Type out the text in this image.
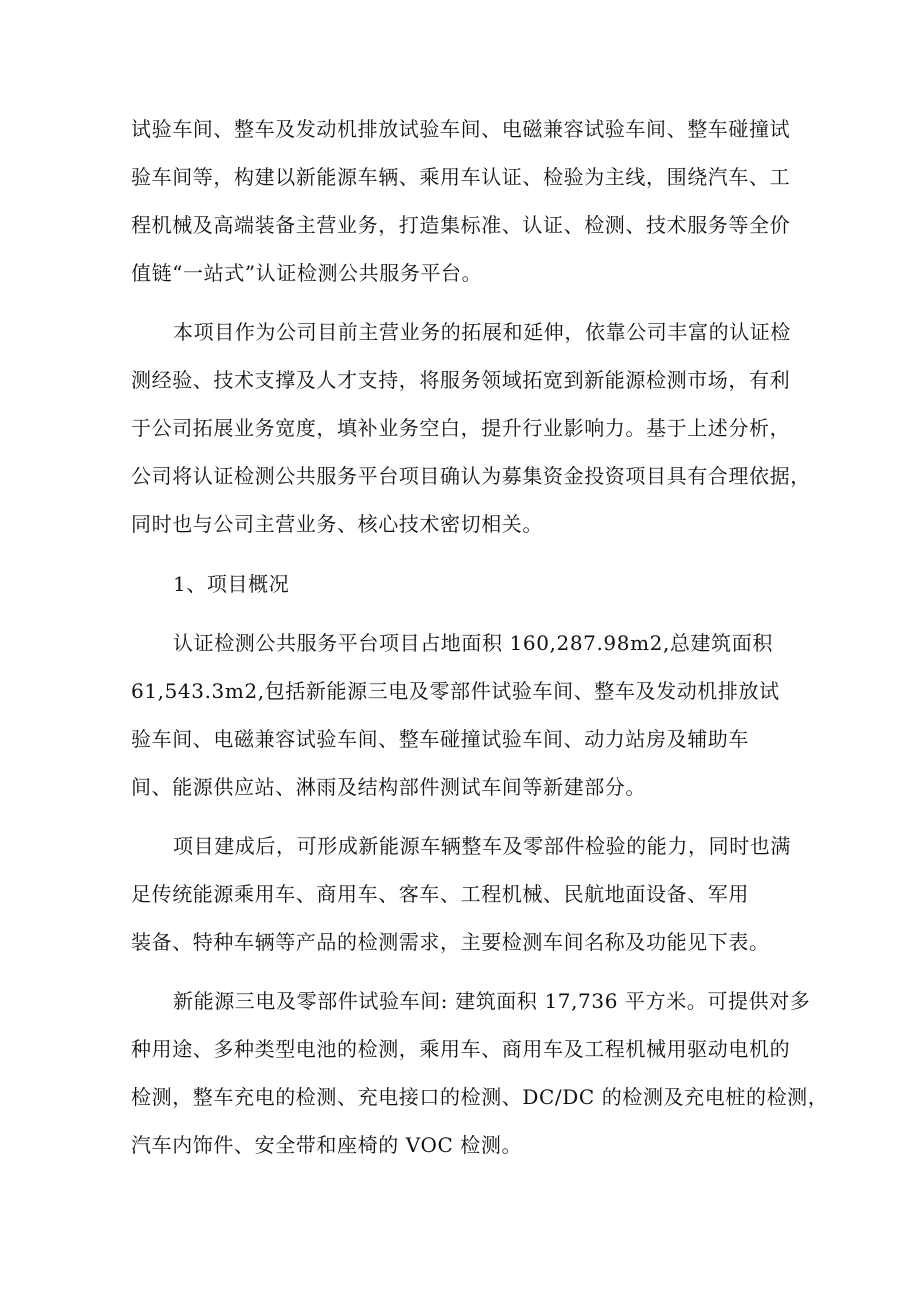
试验车间、整车及发动机排放试验车间、电磁兼容试验车间、整车碰撞试
验车间等，构建以新能源车辆、乘用车认证、检验为主线，围绕汽车、工
程机械及高端装备主营业务，打造集标准、认证、检测、技术服务等全价
值链“一站式”认证检测公共服务平台。
本项目作为公司目前主营业务的拓展和延伸，依靠公司丰富的认证检
测经验、技术支撑及人才支持，将服务领域拓宽到新能源检测市场，有利
于公司拓展业务宽度，填补业务空白，提升行业影响力。基于上述分析，
公司将认证检测公共服务平台项目确认为募集资金投资项目具有合理依据，
同时也与公司主营业务、核心技术密切相关。
1、项目概况
认证检测公共服务平台项目占地面积 160,287.98m2,总建筑面积
61,543.3m2,包括新能源三电及零部件试验车间、整车及发动机排放试
验车间、电磁兼容试验车间、整车碰撞试验车间、动力站房及辅助车
间、能源供应站、淋雨及结构部件测试车间等新建部分。
项目建成后，可形成新能源车辆整车及零部件检验的能力，同时也满
足传统能源乘用车、商用车、客车、工程机械、民航地面设备、军用
装备、特种车辆等产品的检测需求，主要检测车间名称及功能见下表。
新能源三电及零部件试验车间: 建筑面积 17,736 平方米。可提供对多
种用途、多种类型电池的检测，乘用车、商用车及工程机械用驱动电机的
检测，整车充电的检测、充电接口的检测、DC/DC 的检测及充电桩的检测，
汽车内饰件、安全带和座椅的 VOC 检测。
